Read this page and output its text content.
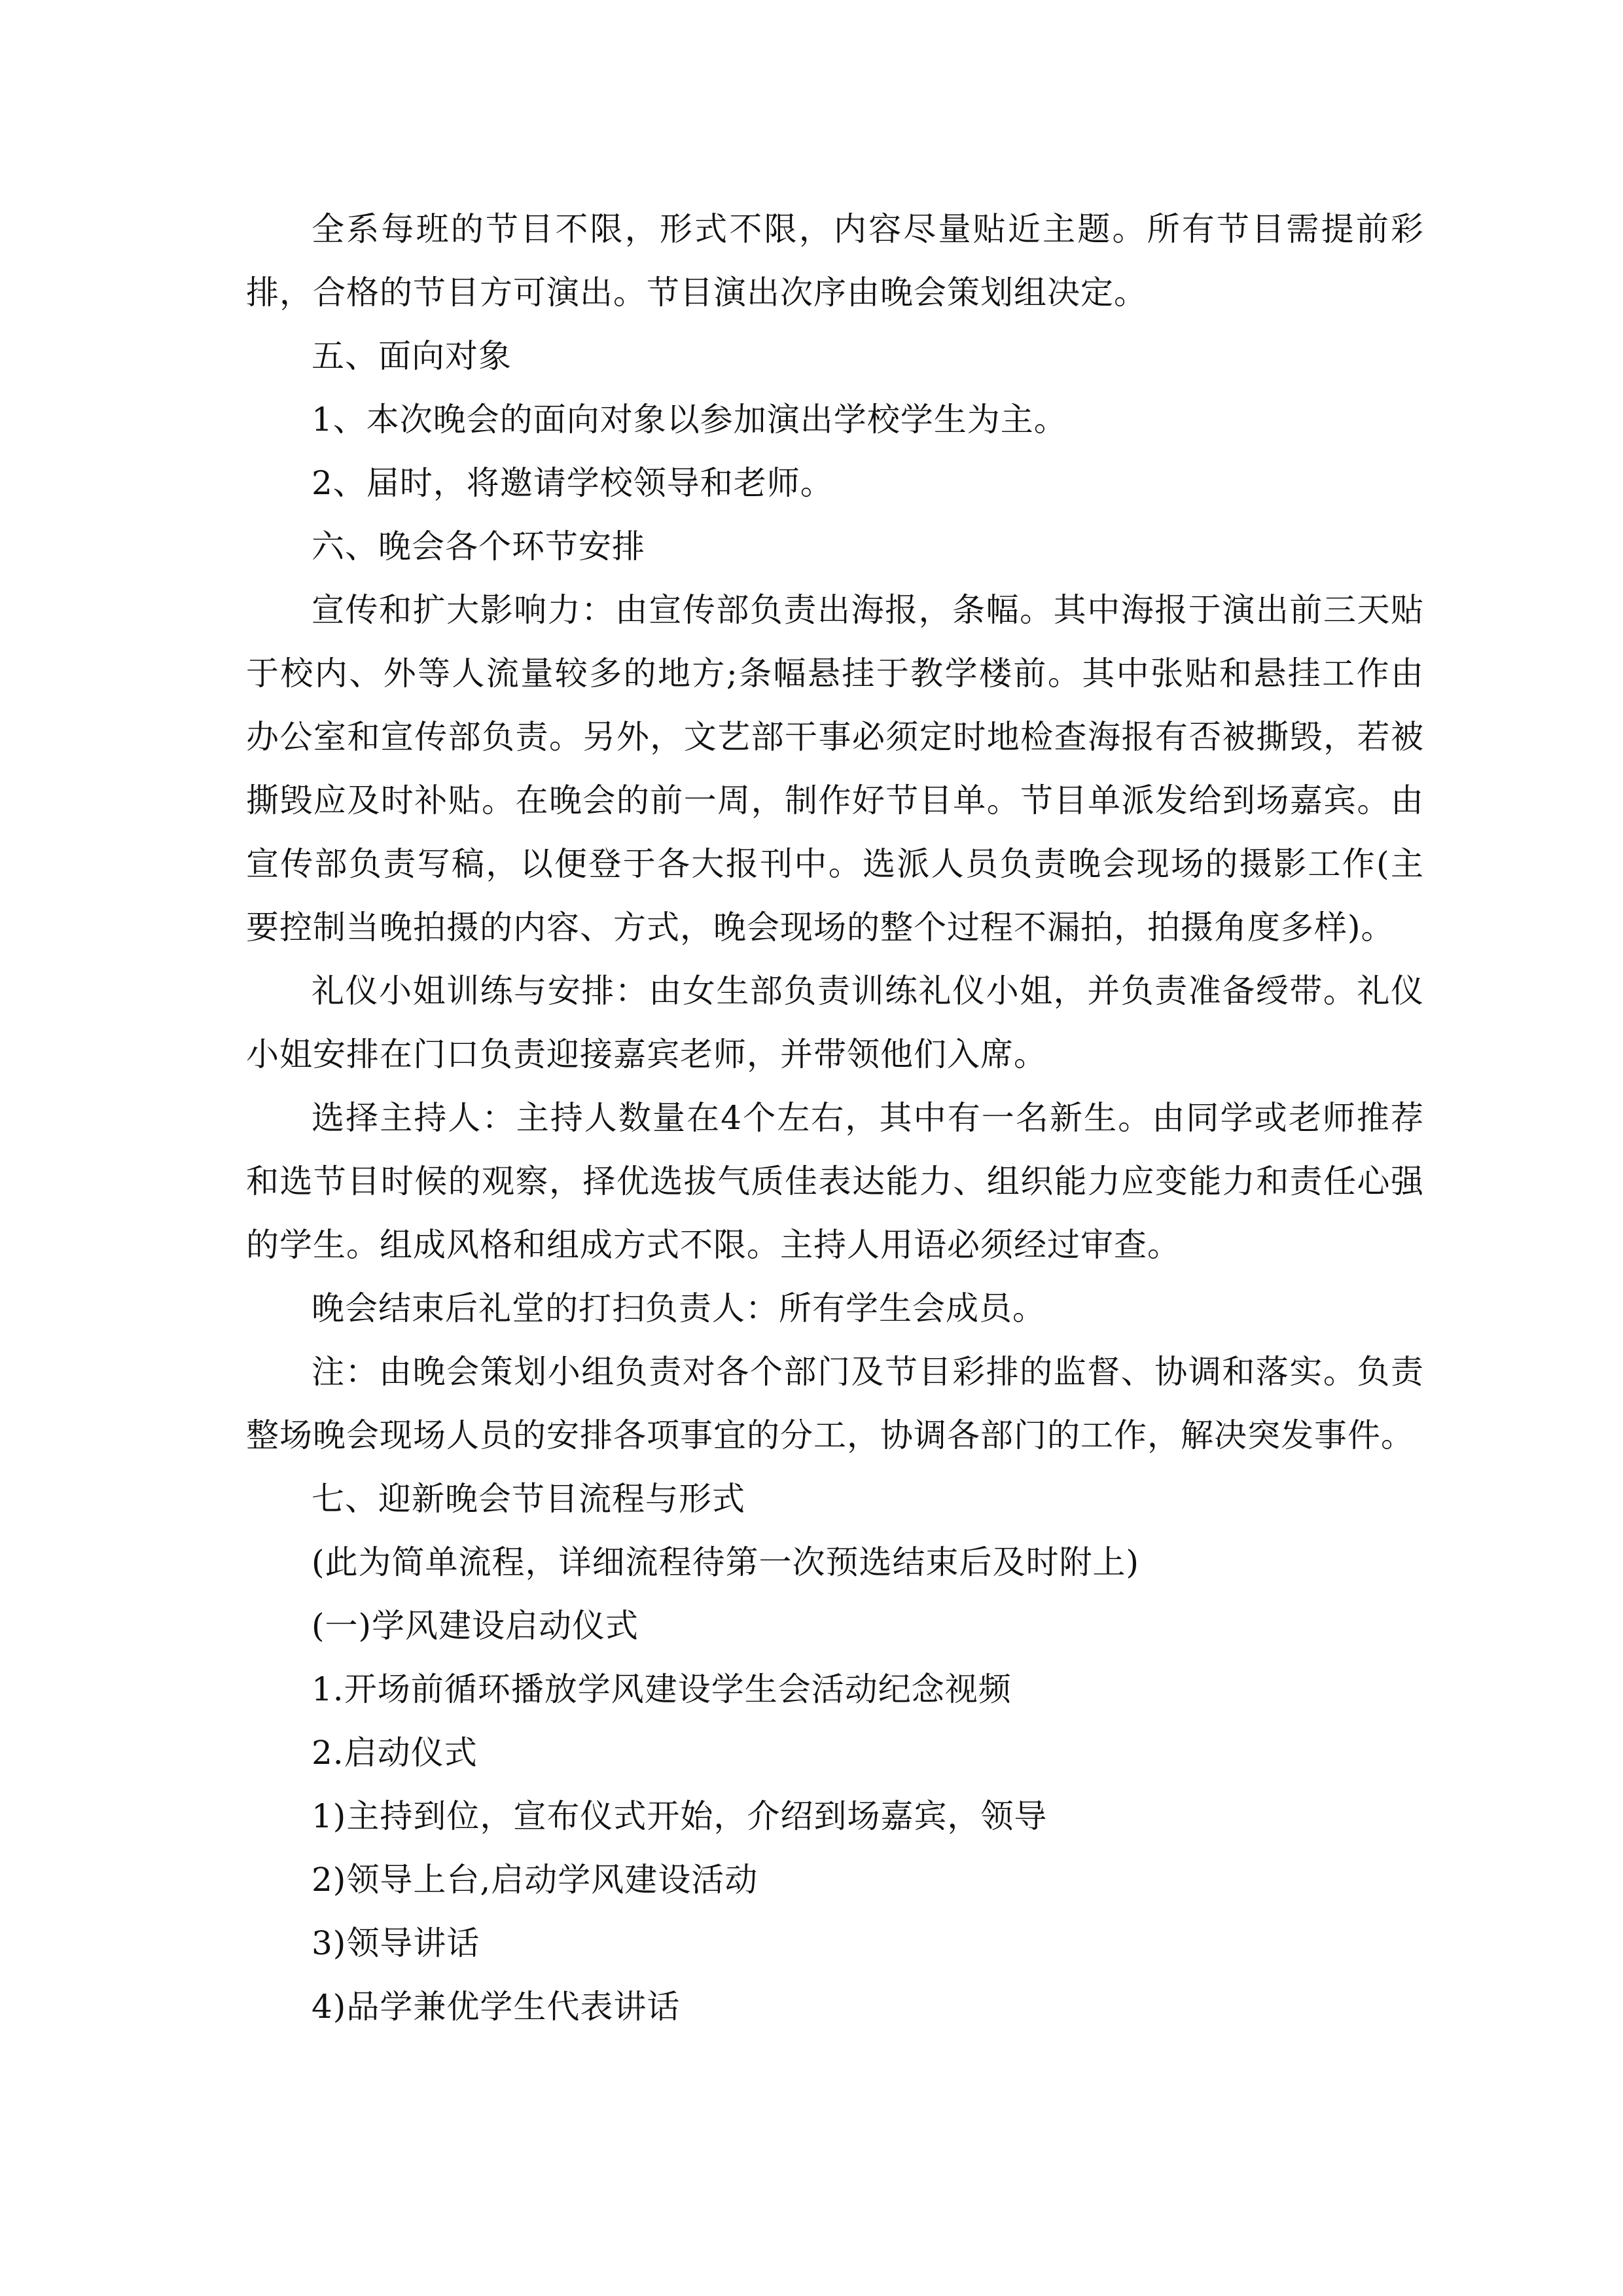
全系每班的节目不限，形式不限，内容尽量贴近主题。所有节目需提前彩排，合格的节目方可演出。节目演出次序由晚会策划组决定。

五、面向对象

1、本次晚会的面向对象以参加演出学校学生为主。

2、届时，将邀请学校领导和老师。

六、晚会各个环节安排

宣传和扩大影响力：由宣传部负责出海报，条幅。其中海报于演出前三天贴于校内、外等人流量较多的地方;条幅悬挂于教学楼前。其中张贴和悬挂工作由办公室和宣传部负责。另外，文艺部干事必须定时地检查海报有否被撕毁，若被撕毁应及时补贴。在晚会的前一周，制作好节目单。节目单派发给到场嘉宾。由宣传部负责写稿，以便登于各大报刊中。选派人员负责晚会现场的摄影工作(主要控制当晚拍摄的内容、方式，晚会现场的整个过程不漏拍，拍摄角度多样)。

礼仪小姐训练与安排：由女生部负责训练礼仪小姐，并负责准备绶带。礼仪小姐安排在门口负责迎接嘉宾老师，并带领他们入席。

选择主持人：主持人数量在4个左右，其中有一名新生。由同学或老师推荐和选节目时候的观察，择优选拔气质佳表达能力、组织能力应变能力和责任心强的学生。组成风格和组成方式不限。主持人用语必须经过审查。

晚会结束后礼堂的打扫负责人：所有学生会成员。

注：由晚会策划小组负责对各个部门及节目彩排的监督、协调和落实。负责整场晚会现场人员的安排各项事宜的分工，协调各部门的工作，解决突发事件。

七、迎新晚会节目流程与形式

(此为简单流程，详细流程待第一次预选结束后及时附上)

(一)学风建设启动仪式

1.开场前循环播放学风建设学生会活动纪念视频

2.启动仪式

1)主持到位，宣布仪式开始，介绍到场嘉宾，领导

2)领导上台,启动学风建设活动

3)领导讲话

4)品学兼优学生代表讲话
